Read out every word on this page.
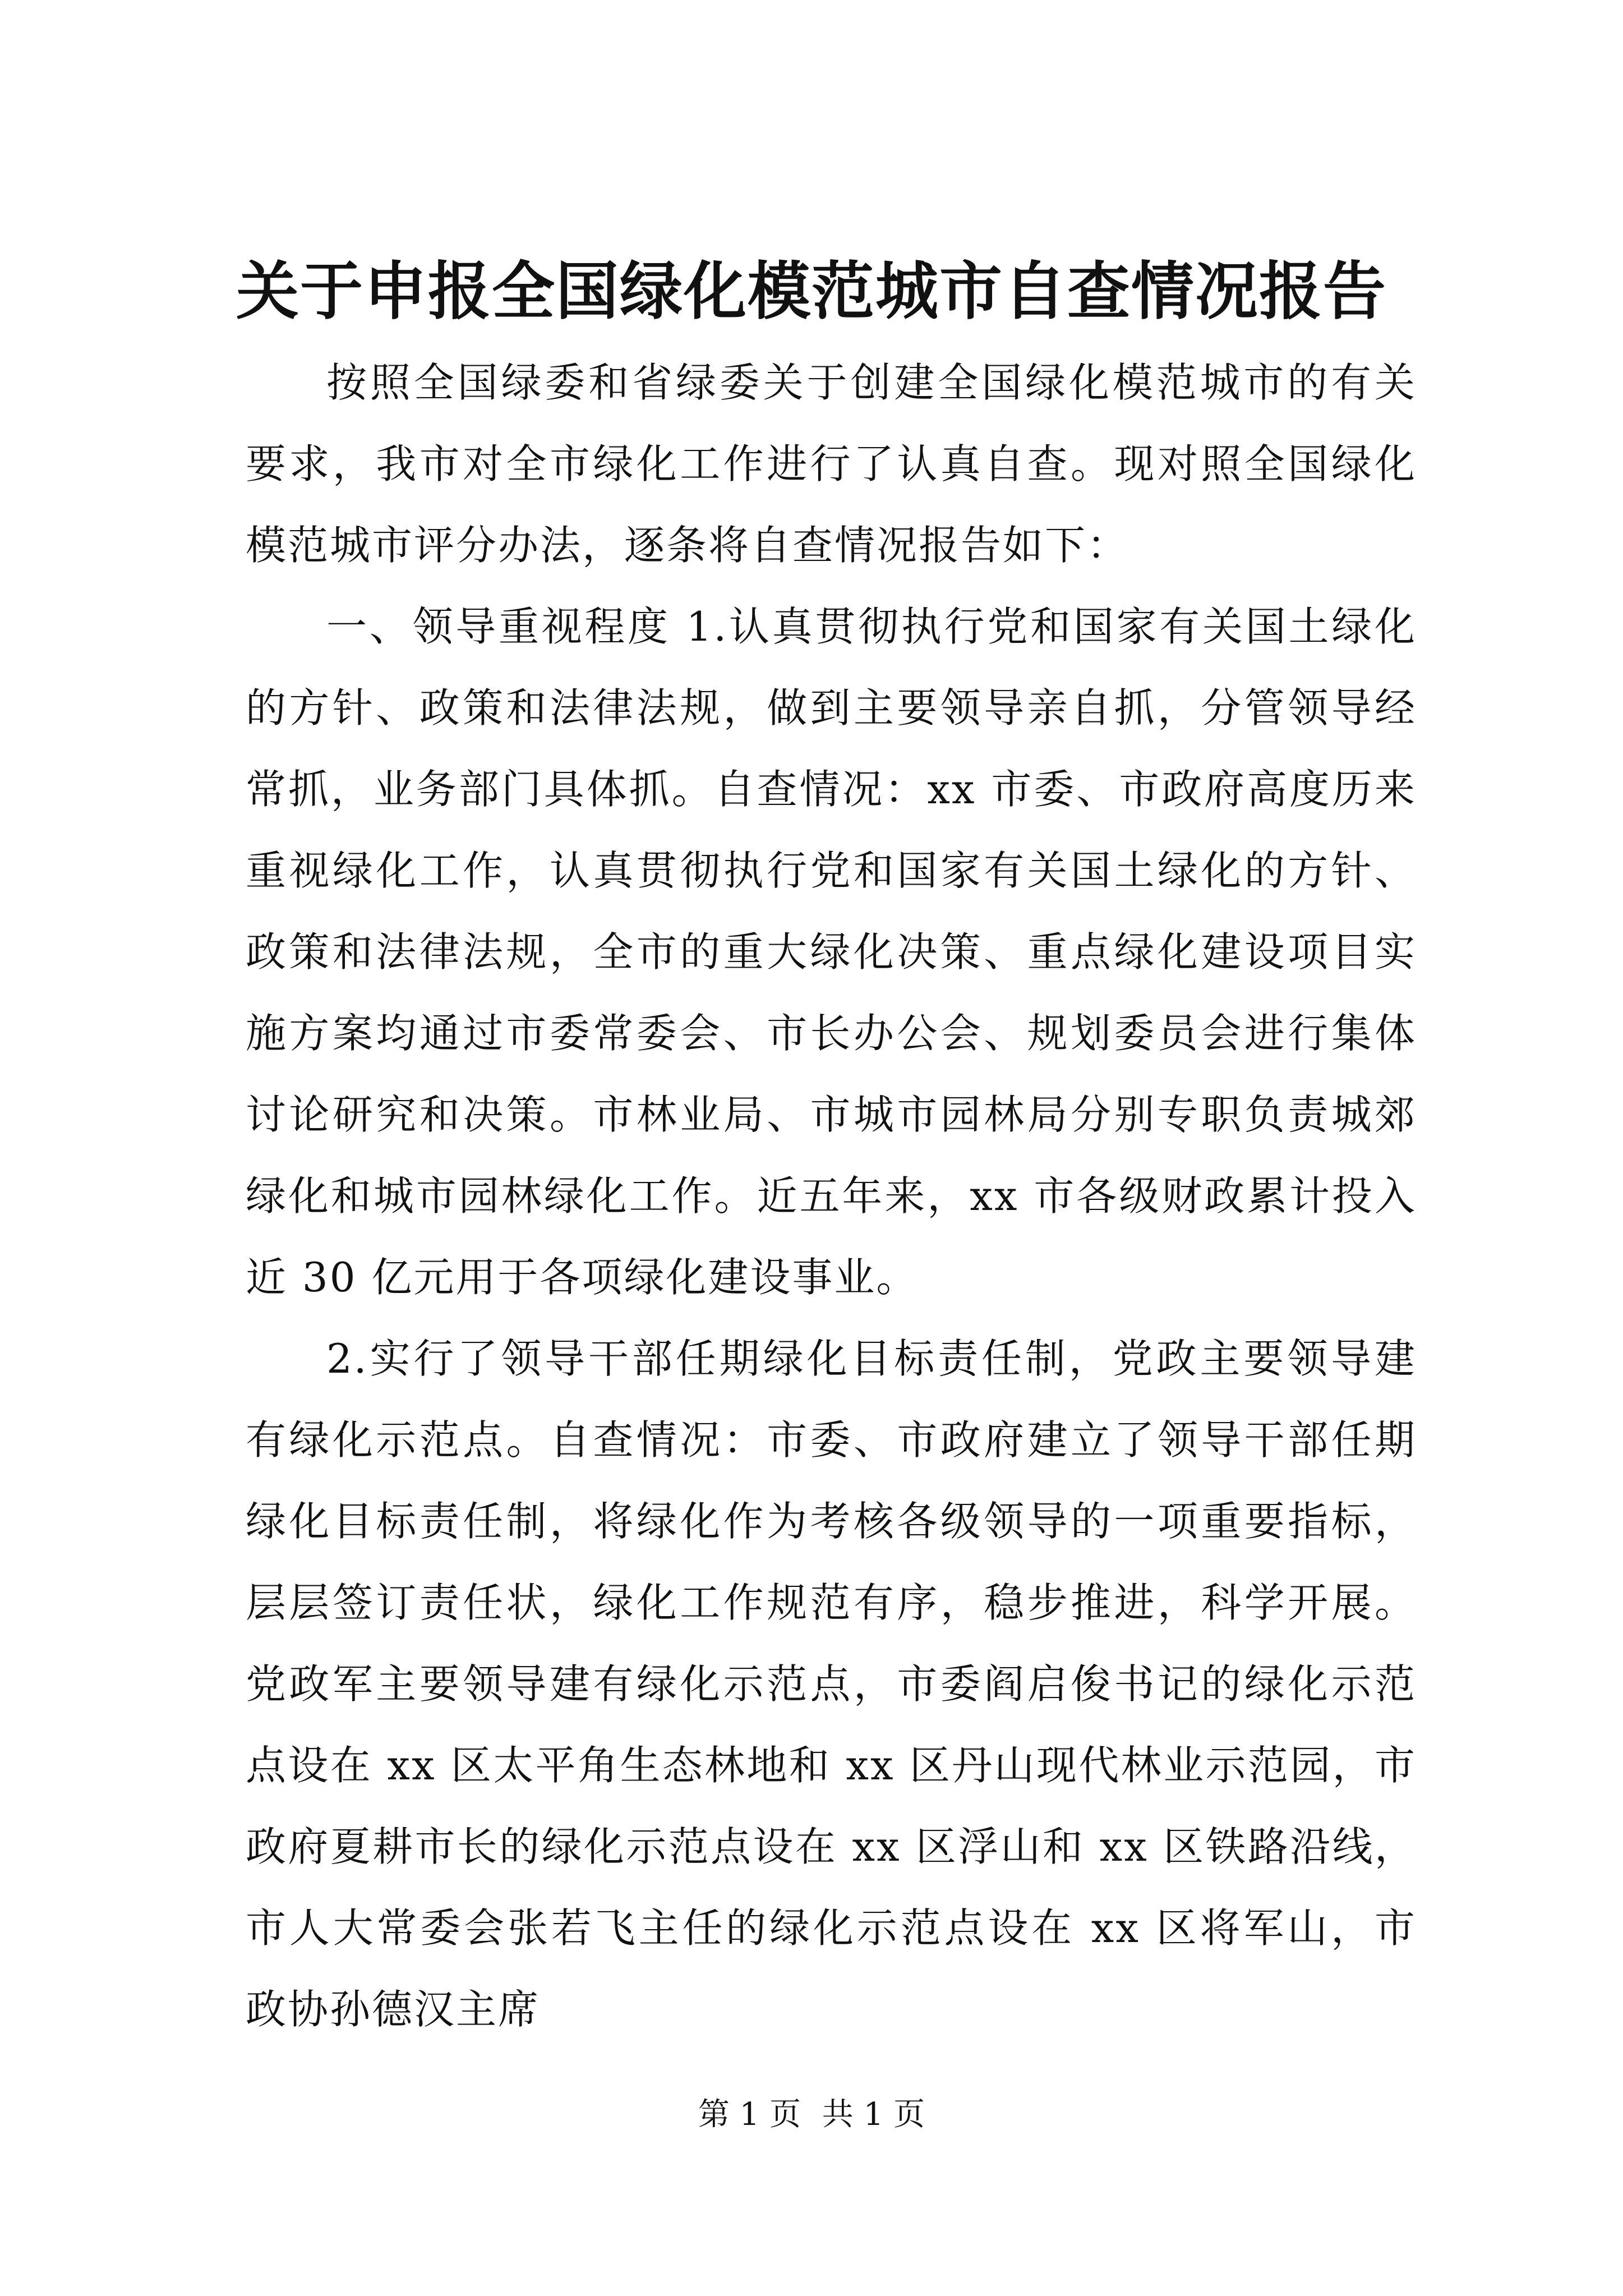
关于申报全国绿化模范城市自查情况报告

按照全国绿委和省绿委关于创建全国绿化模范城市的有关要求，我市对全市绿化工作进行了认真自查。现对照全国绿化模范城市评分办法，逐条将自查情况报告如下：

一、领导重视程度 1.认真贯彻执行党和国家有关国土绿化的方针、政策和法律法规，做到主要领导亲自抓，分管领导经常抓，业务部门具体抓。自查情况：xx 市委、市政府高度历来重视绿化工作，认真贯彻执行党和国家有关国土绿化的方针、政策和法律法规，全市的重大绿化决策、重点绿化建设项目实施方案均通过市委常委会、市长办公会、规划委员会进行集体讨论研究和决策。市林业局、市城市园林局分别专职负责城郊绿化和城市园林绿化工作。近五年来，xx 市各级财政累计投入近 30 亿元用于各项绿化建设事业。

2.实行了领导干部任期绿化目标责任制，党政主要领导建有绿化示范点。自查情况：市委、市政府建立了领导干部任期绿化目标责任制，将绿化作为考核各级领导的一项重要指标，层层签订责任状，绿化工作规范有序，稳步推进，科学开展。党政军主要领导建有绿化示范点，市委阎启俊书记的绿化示范点设在 xx 区太平角生态林地和 xx 区丹山现代林业示范园，市政府夏耕市长的绿化示范点设在 xx 区浮山和 xx 区铁路沿线，市人大常委会张若飞主任的绿化示范点设在 xx 区将军山，市政协孙德汉主席

第 1 页 共 1 页
